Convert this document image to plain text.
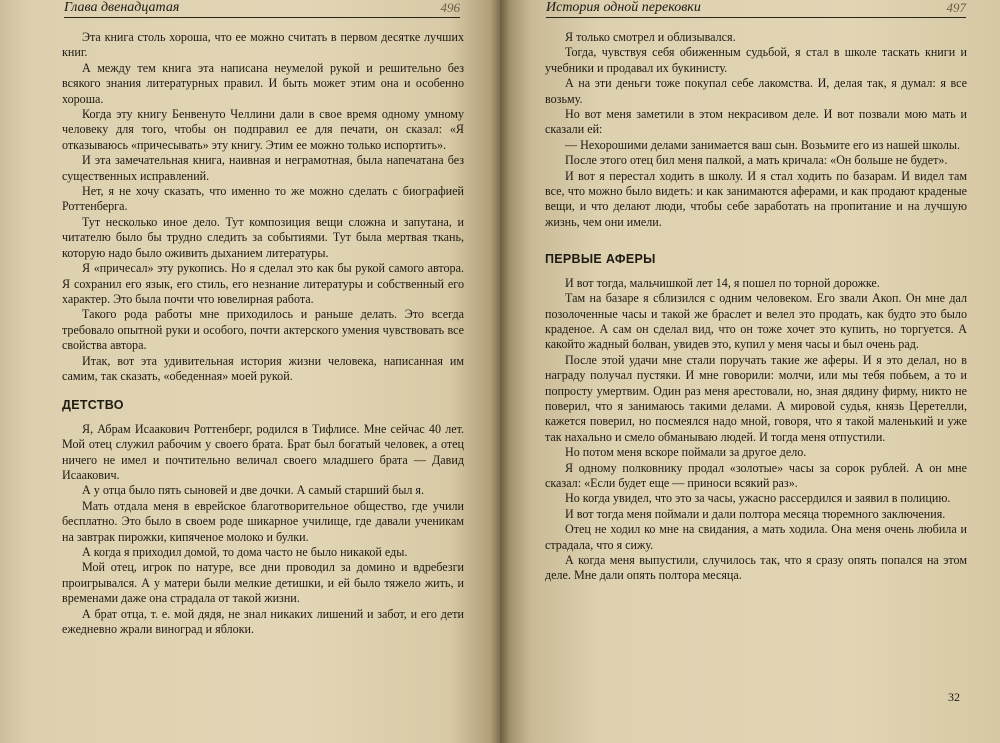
Глава двенадцатая	496

Эта книга столь хороша, что ее можно считать в первом десятке лучших книг.

А между тем книга эта написана неумелой рукой и решительно без всякого знания литературных правил. И быть может этим она и особенно хороша.

Когда эту книгу Бенвенуто Челлини дали в свое время одному умному человеку для того, чтобы он подправил ее для печати, он сказал: «Я отказываюсь «причесывать» эту книгу. Этим ее можно только испортить».

И эта замечательная книга, наивная и неграмотная, была напечатана без существенных исправлений.

Нет, я не хочу сказать, что именно то же можно сделать с биографией Роттенберга.

Тут несколько иное дело. Тут композиция вещи сложна и запутана, и читателю было бы трудно следить за событиями. Тут была мертвая ткань, которую надо было оживить дыханием литературы.

Я «причесал» эту рукопись. Но я сделал это как бы рукой самого автора. Я сохранил его язык, его стиль, его незнание литературы и собственный его характер. Это была почти что ювелирная работа.

Такого рода работы мне приходилось и раньше делать. Это всегда требовало опытной руки и особого, почти актерского умения чувствовать все свойства автора.

Итак, вот эта удивительная история жизни человека, написанная им самим, так сказать, «обеденная» моей рукой.

ДЕТСТВО

Я, Абрам Исаакович Роттенберг, родился в Тифлисе. Мне сейчас 40 лет. Мой отец служил рабочим у своего брата. Брат был богатый человек, а отец ничего не имел и почтительно величал своего младшего брата — Давид Исаакович.

А у отца было пять сыновей и две дочки. А самый старший был я.

Мать отдала меня в еврейское благотворительное общество, где учили бесплатно. Это было в своем роде шикарное училище, где давали ученикам на завтрак пирожки, кипяченое молоко и булки.

А когда я приходил домой, то дома часто не было никакой еды.

Мой отец, игрок по натуре, все дни проводил за домино и вдребезги проигрывался. А у матери были мелкие детишки, и ей было тяжело жить, и временами даже она страдала от такой жизни.

А брат отца, т. е. мой дядя, не знал никаких лишений и забот, и его дети ежедневно жрали виноград и яблоки.

История одной перековки	497

Я только смотрел и облизывался.

Тогда, чувствуя себя обиженным судьбой, я стал в школе таскать книги и учебники и продавал их букинисту.

А на эти деньги тоже покупал себе лакомства. И, делая так, я думал: я все возьму.

Но вот меня заметили в этом некрасивом деле. И вот позвали мою мать и сказали ей:

— Нехорошими делами занимается ваш сын. Возьмите его из нашей школы.

После этого отец бил меня палкой, а мать кричала: «Он больше не будет».

И вот я перестал ходить в школу. И я стал ходить по базарам. И видел там все, что можно было видеть: и как занимаются аферами, и как продают краденые вещи, и что делают люди, чтобы себе заработать на пропитание и на лучшую жизнь, чем они имели.

ПЕРВЫЕ АФЕРЫ

И вот тогда, мальчишкой лет 14, я пошел по торной дорожке.

Там на базаре я сблизился с одним человеком. Его звали Акоп. Он мне дал позолоченные часы и такой же браслет и велел это продать, как будто это было краденое. А сам он сделал вид, что он тоже хочет это купить, но торгуется. А какойто жадный болван, увидев это, купил у меня часы и был очень рад.

После этой удачи мне стали поручать такие же аферы. И я это делал, но в награду получал пустяки. И мне говорили: молчи, или мы тебя побьем, а то и попросту умертвим. Один раз меня арестовали, но, зная дядину фирму, никто не поверил, что я занимаюсь такими делами. А мировой судья, князь Церетелли, кажется поверил, но посмеялся надо мной, говоря, что я такой маленький и уже так нахально и смело обманываю людей. И тогда меня отпустили.

Но потом меня вскоре поймали за другое дело.

Я одному полковнику продал «золотые» часы за сорок рублей. А он мне сказал: «Если будет еще — приноси всякий раз».

Но когда увидел, что это за часы, ужасно рассердился и заявил в полицию.

И вот тогда меня поймали и дали полтора месяца тюремного заключения.

Отец не ходил ко мне на свидания, а мать ходила. Она меня очень любила и страдала, что я сижу.

А когда меня выпустили, случилось так, что я сразу опять попался на этом деле. Мне дали опять полтора месяца.

32
